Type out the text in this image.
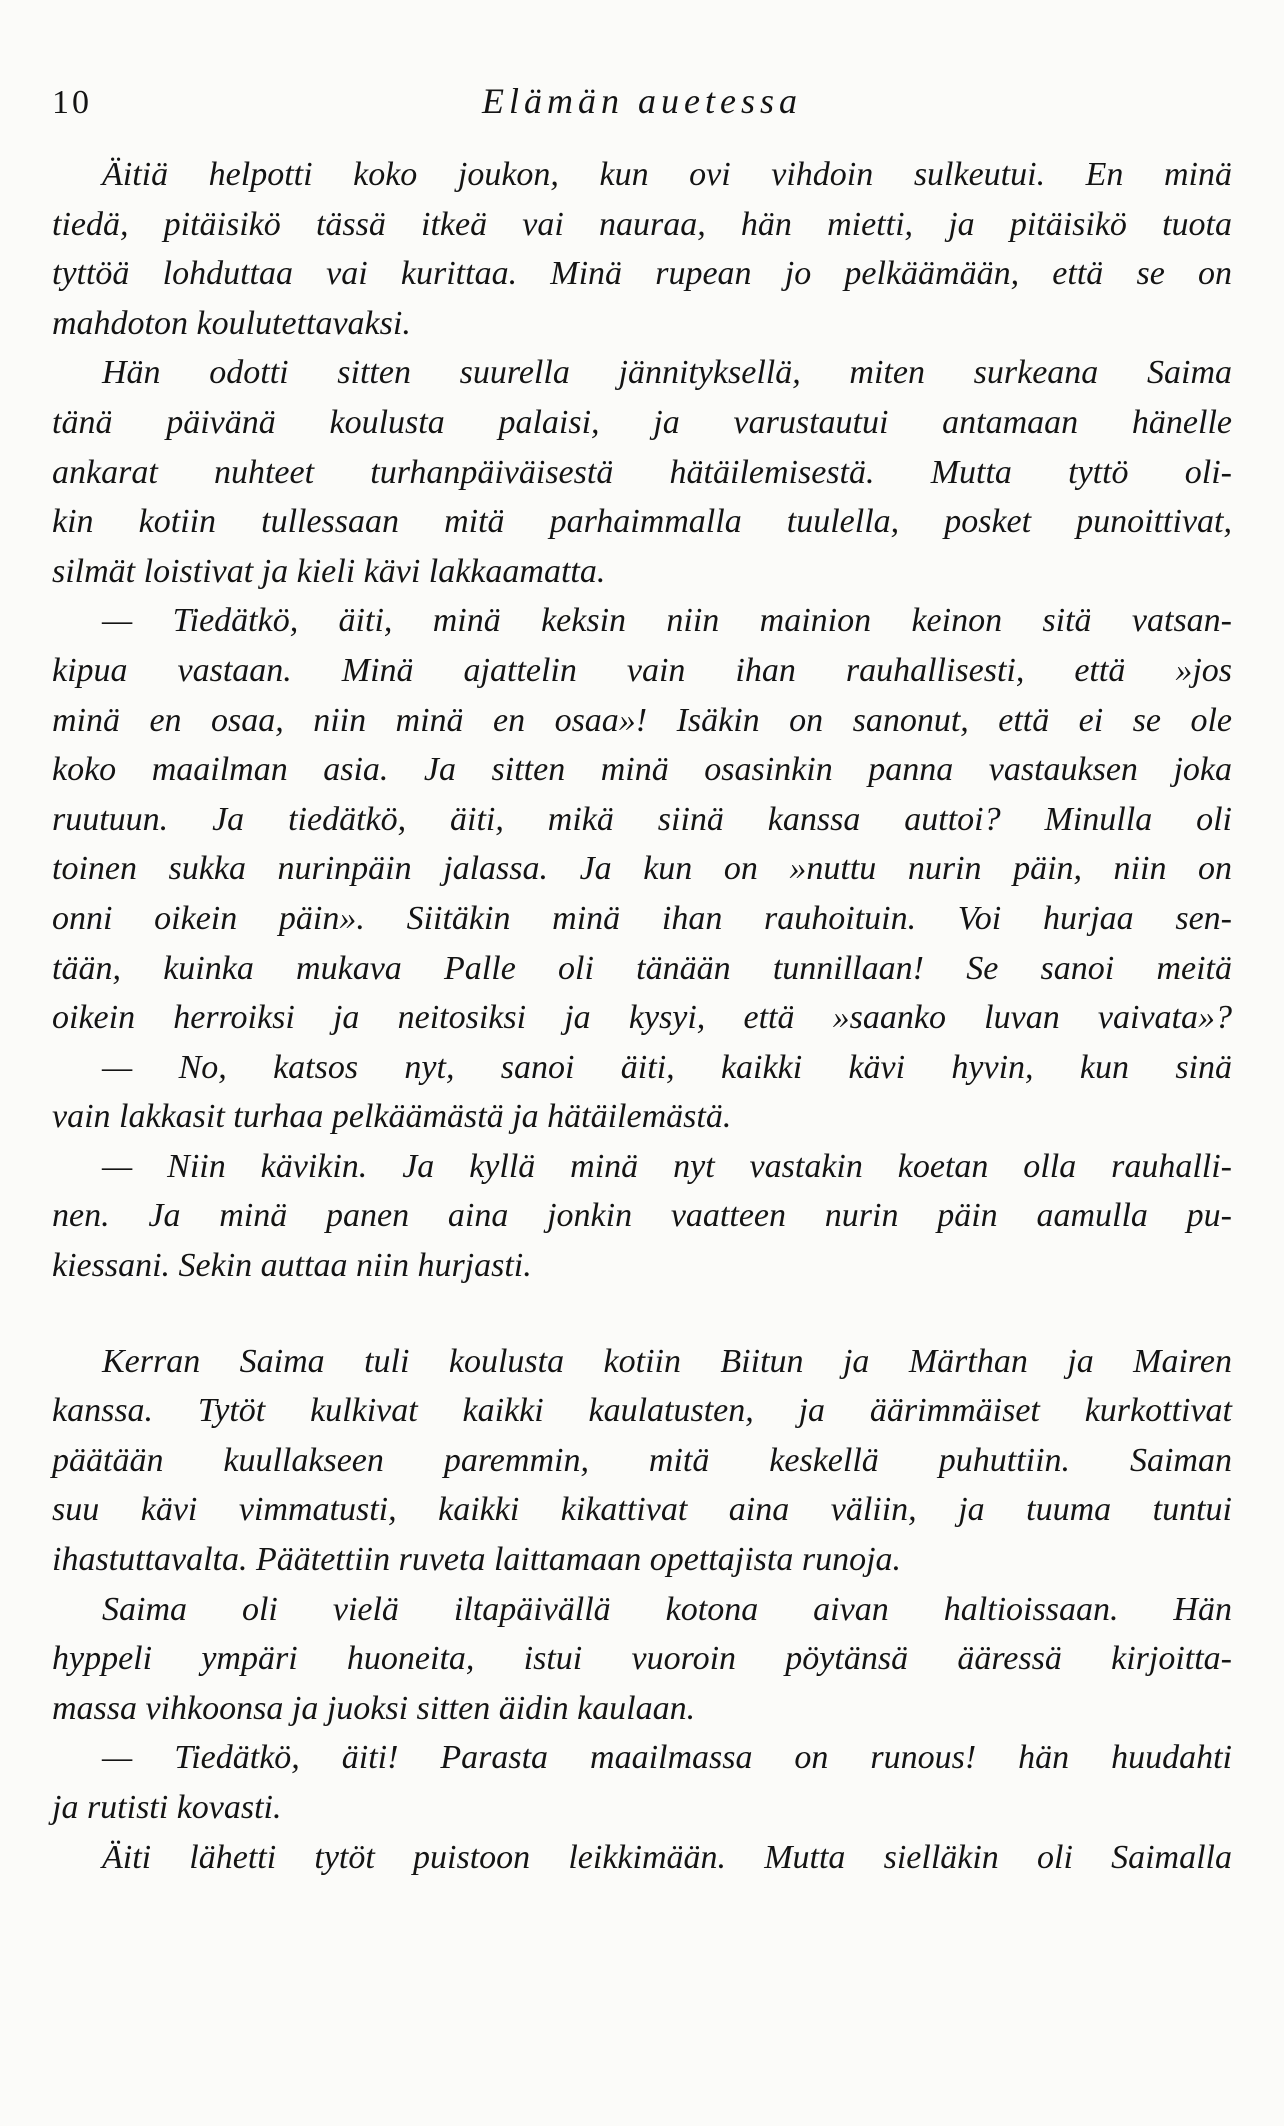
10	Elämän auetessa
Äitiä helpotti koko joukon, kun ovi vihdoin sulkeutui. En minä
tiedä, pitäisikö tässä itkeä vai nauraa, hän mietti, ja pitäisikö tuota
tyttöä lohduttaa vai kurittaa. Minä rupean jo pelkäämään, että se on
mahdoton koulutettavaksi.
Hän odotti sitten suurella jännityksellä, miten surkeana Saima
tänä päivänä koulusta palaisi, ja varustautui antamaan hänelle
ankarat nuhteet turhanpäiväisestä hätäilemisestä. Mutta tyttö oli-
kin kotiin tullessaan mitä parhaimmalla tuulella, posket punoittivat,
silmät loistivat ja kieli kävi lakkaamatta.
— Tiedätkö, äiti, minä keksin niin mainion keinon sitä vatsan-
kipua vastaan. Minä ajattelin vain ihan rauhallisesti, että »jos
minä en osaa, niin minä en osaa»! Isäkin on sanonut, että ei se ole
koko maailman asia. Ja sitten minä osasinkin panna vastauksen joka
ruutuun. Ja tiedätkö, äiti, mikä siinä kanssa auttoi? Minulla oli
toinen sukka nurinpäin jalassa. Ja kun on »nuttu nurin päin, niin on
onni oikein päin». Siitäkin minä ihan rauhoituin. Voi hurjaa sen-
tään, kuinka mukava Palle oli tänään tunnillaan! Se sanoi meitä
oikein herroiksi ja neitosiksi ja kysyi, että »saanko luvan vaivata»?
— No, katsos nyt, sanoi äiti, kaikki kävi hyvin, kun sinä
vain lakkasit turhaa pelkäämästä ja hätäilemästä.
— Niin kävikin. Ja kyllä minä nyt vastakin koetan olla rauhalli-
nen. Ja minä panen aina jonkin vaatteen nurin päin aamulla pu-
kiessani. Sekin auttaa niin hurjasti.
Kerran Saima tuli koulusta kotiin Biitun ja Märthan ja Mairen
kanssa. Tytöt kulkivat kaikki kaulatusten, ja äärimmäiset kurkottivat
päätään kuullakseen paremmin, mitä keskellä puhuttiin. Saiman
suu kävi vimmatusti, kaikki kikattivat aina väliin, ja tuuma tuntui
ihastuttavalta. Päätettiin ruveta laittamaan opettajista runoja.
Saima oli vielä iltapäivällä kotona aivan haltioissaan. Hän
hyppeli ympäri huoneita, istui vuoroin pöytänsä ääressä kirjoitta-
massa vihkoonsa ja juoksi sitten äidin kaulaan.
— Tiedätkö, äiti! Parasta maailmassa on runous! hän huudahti
ja rutisti kovasti.
Äiti lähetti tytöt puistoon leikkimään. Mutta sielläkin oli Saimalla
